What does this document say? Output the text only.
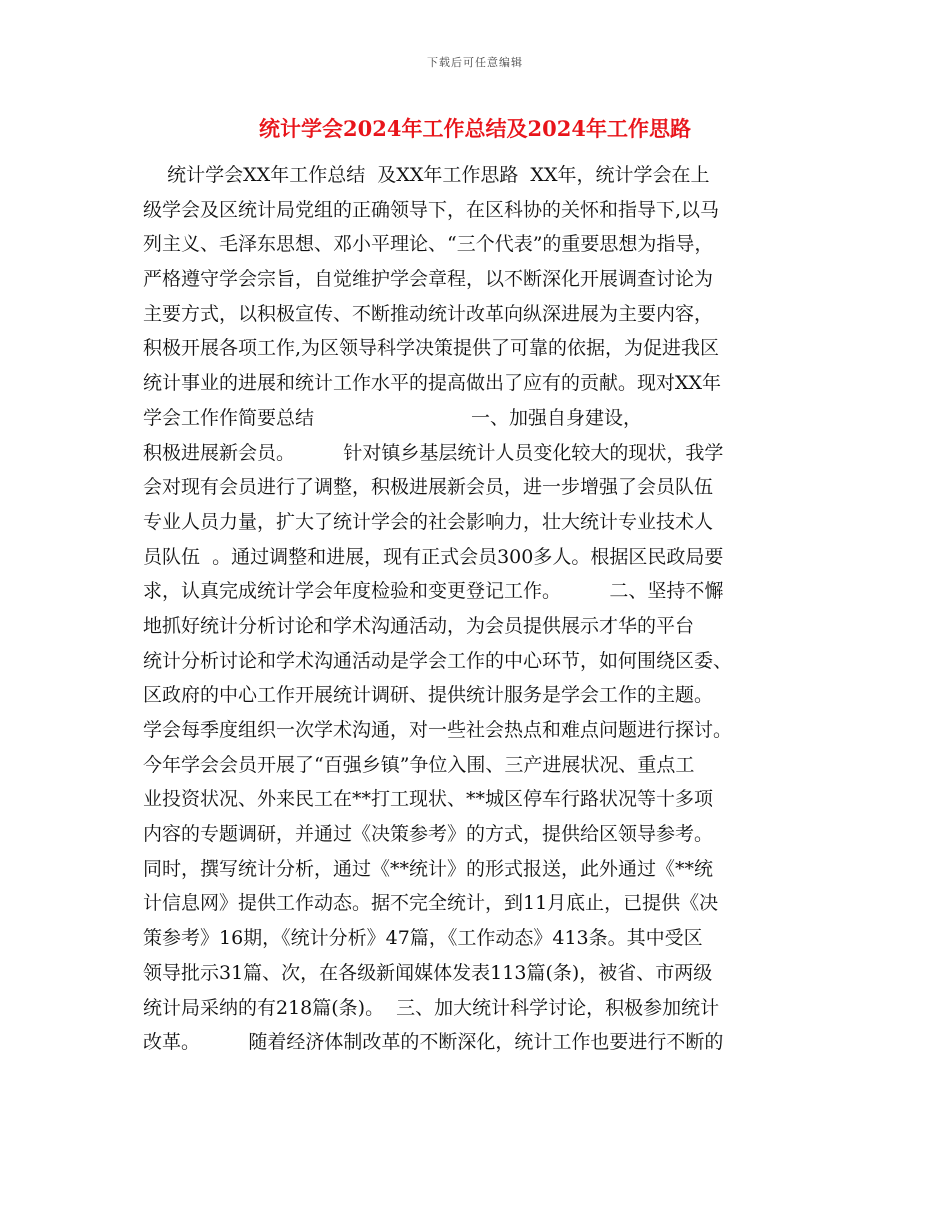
下载后可任意编辑
统计学会2024年工作总结及2024年工作思路
统计学会XX年工作总结  及XX年工作思路  XX年，统计学会在上
级学会及区统计局党组的正确领导下，在区科协的关怀和指导下,以马
列主义、毛泽东思想、邓小平理论、“三个代表”的重要思想为指导，
严格遵守学会宗旨，自觉维护学会章程，以不断深化开展调查讨论为
主要方式，以积极宣传、不断推动统计改革向纵深进展为主要内容，
积极开展各项工作,为区领导科学决策提供了可靠的依据，为促进我区
统计事业的进展和统计工作水平的提高做出了应有的贡献。现对XX年
学会工作作简要总结                          一、加强自身建设，
积极进展新会员。        针对镇乡基层统计人员变化较大的现状，我学
会对现有会员进行了调整，积极进展新会员，进一步增强了会员队伍
专业人员力量，扩大了统计学会的社会影响力，壮大统计专业技术人
员队伍  。通过调整和进展，现有正式会员300多人。根据区民政局要
求，认真完成统计学会年度检验和变更登记工作。        二、坚持不懈
地抓好统计分析讨论和学术沟通活动，为会员提供展示才华的平台
统计分析讨论和学术沟通活动是学会工作的中心环节，如何围绕区委、
区政府的中心工作开展统计调研、提供统计服务是学会工作的主题。
学会每季度组织一次学术沟通，对一些社会热点和难点问题进行探讨。
今年学会会员开展了“百强乡镇”争位入围、三产进展状况、重点工
业投资状况、外来民工在**打工现状、**城区停车行路状况等十多项
内容的专题调研，并通过《决策参考》的方式，提供给区领导参考。
同时，撰写统计分析，通过《**统计》的形式报送，此外通过《**统
计信息网》提供工作动态。据不完全统计，到11月底止，已提供《决
策参考》16期，《统计分析》47篇，《工作动态》413条。其中受区
领导批示31篇、次，在各级新闻媒体发表113篇(条)，被省、市两级
统计局采纳的有218篇(条)。  三、加大统计科学讨论，积极参加统计
改革。        随着经济体制改革的不断深化，统计工作也要进行不断的
